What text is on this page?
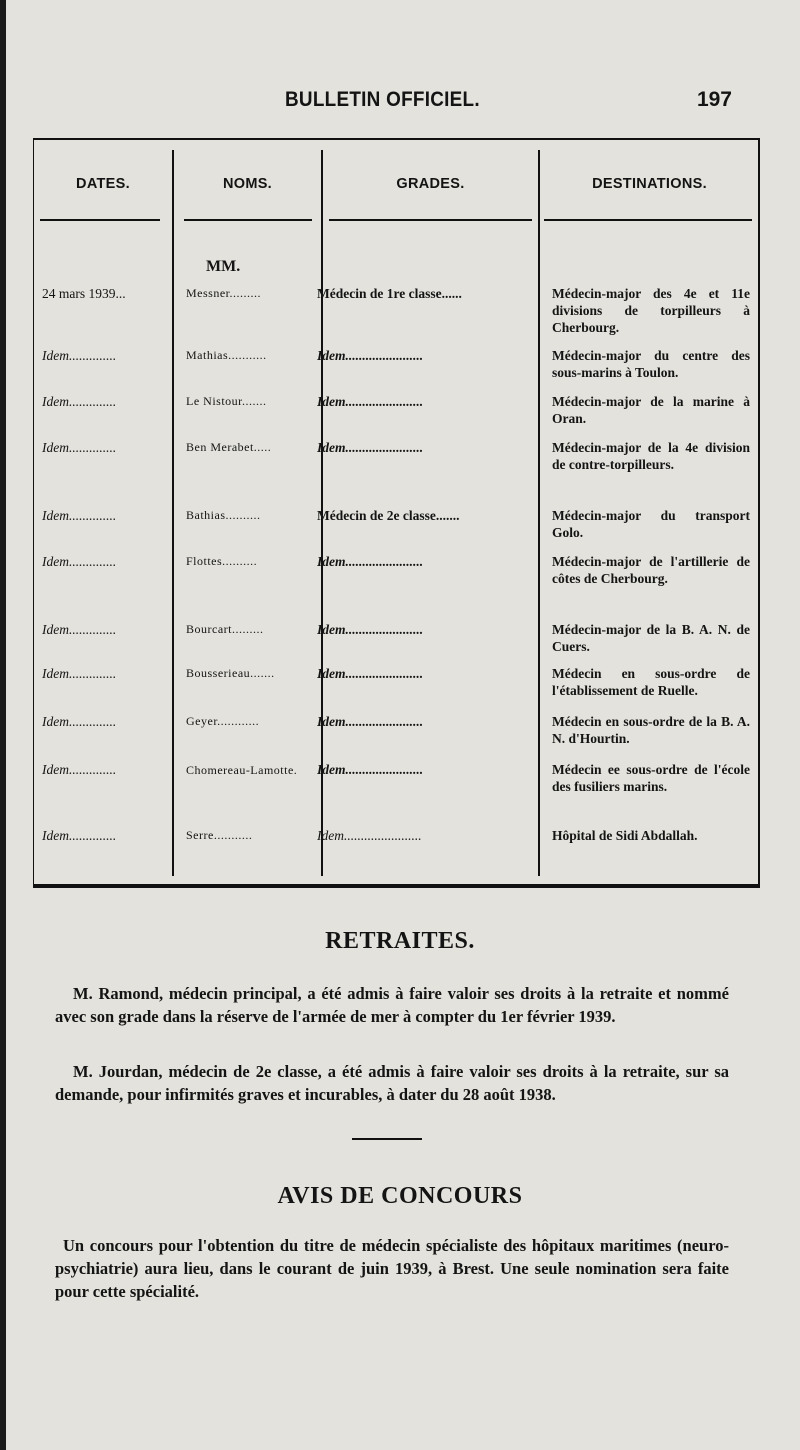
BULLETIN OFFICIEL.	197
DATES.	NOMS.	GRADES.	DESTINATIONS.
MM.
24 mars 1939...	Messner.........	Médecin de 1re classe......	Médecin-major des 4e et 11e divisions de torpilleurs à Cherbourg.
Idem..............	Mathias...........	Idem.......................	Médecin-major du centre des sous-marins à Toulon.
Idem..............	Le Nistour.......	Idem.......................	Médecin-major de la marine à Oran.
Idem..............	Ben Merabet.....	Idem.......................	Médecin-major de la 4e division de contre-torpilleurs.
Idem..............	Bathias..........	Médecin de 2e classe.......	Médecin-major du transport Golo.
Idem..............	Flottes..........	Idem.......................	Médecin-major de l'artillerie de côtes de Cherbourg.
Idem..............	Bourcart.........	Idem.......................	Médecin-major de la B. A. N. de Cuers.
Idem..............	Bousserieau.......	Idem.......................	Médecin en sous-ordre de l'établissement de Ruelle.
Idem..............	Geyer............	Idem.......................	Médecin en sous-ordre de la B. A. N. d'Hourtin.
Idem..............	Chomereau-Lamotte.	Idem.......................	Médecin ee sous-ordre de l'école des fusiliers marins.
Idem..............	Serre...........	Idem.......................	Hôpital de Sidi Abdallah.
RETRAITES.
M. Ramond, médecin principal, a été admis à faire valoir ses droits à la retraite et nommé avec son grade dans la réserve de l'armée de mer à compter du 1er février 1939.
M. Jourdan, médecin de 2e classe, a été admis à faire valoir ses droits à la retraite, sur sa demande, pour infirmités graves et incurables, à dater du 28 août 1938.
AVIS DE CONCOURS
Un concours pour l'obtention du titre de médecin spécialiste des hôpitaux maritimes (neuro-psychiatrie) aura lieu, dans le courant de juin 1939, à Brest. Une seule nomination sera faite pour cette spécialité.
